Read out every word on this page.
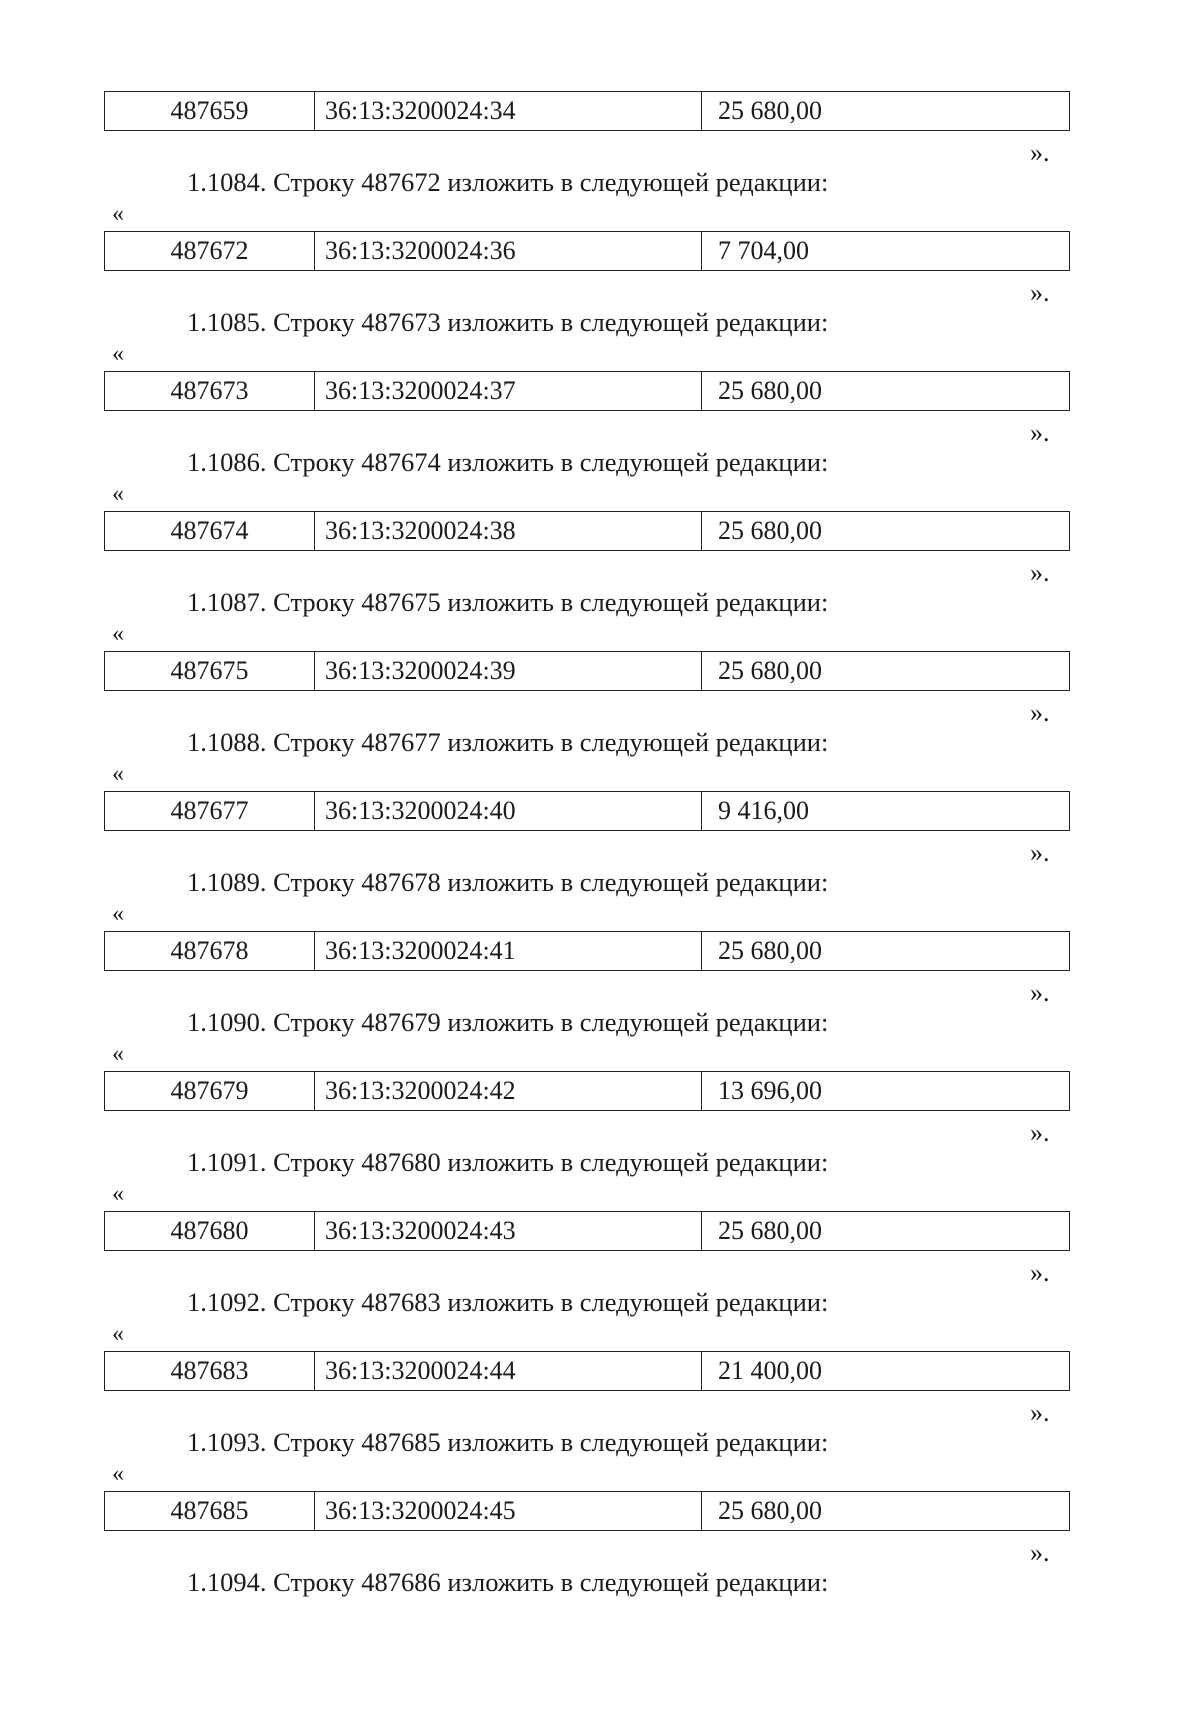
487659	36:13:3200024:34	25 680,00
».
1.1084. Строку 487672 изложить в следующей редакции:
«
487672	36:13:3200024:36	7 704,00
».
1.1085. Строку 487673 изложить в следующей редакции:
«
487673	36:13:3200024:37	25 680,00
».
1.1086. Строку 487674 изложить в следующей редакции:
«
487674	36:13:3200024:38	25 680,00
».
1.1087. Строку 487675 изложить в следующей редакции:
«
487675	36:13:3200024:39	25 680,00
».
1.1088. Строку 487677 изложить в следующей редакции:
«
487677	36:13:3200024:40	9 416,00
».
1.1089. Строку 487678 изложить в следующей редакции:
«
487678	36:13:3200024:41	25 680,00
».
1.1090. Строку 487679 изложить в следующей редакции:
«
487679	36:13:3200024:42	13 696,00
».
1.1091. Строку 487680 изложить в следующей редакции:
«
487680	36:13:3200024:43	25 680,00
».
1.1092. Строку 487683 изложить в следующей редакции:
«
487683	36:13:3200024:44	21 400,00
».
1.1093. Строку 487685 изложить в следующей редакции:
«
487685	36:13:3200024:45	25 680,00
».
1.1094. Строку 487686 изложить в следующей редакции:
